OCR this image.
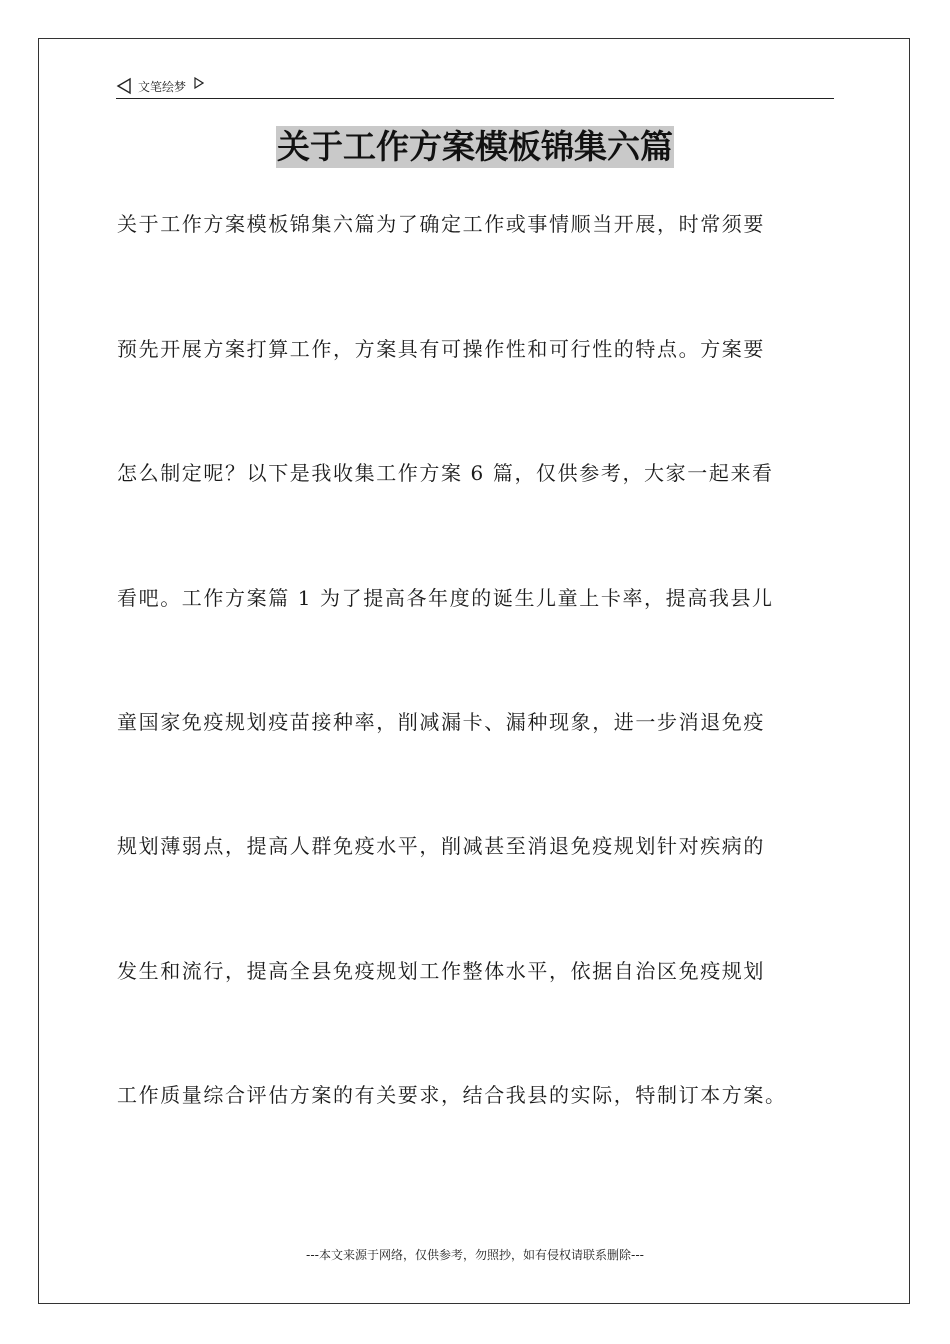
文笔绘梦
关于工作方案模板锦集六篇
关于工作方案模板锦集六篇为了确定工作或事情顺当开展，时常须要
预先开展方案打算工作，方案具有可操作性和可行性的特点。方案要
怎么制定呢？以下是我收集工作方案 6 篇，仅供参考，大家一起来看
看吧。工作方案篇 1 为了提高各年度的诞生儿童上卡率，提高我县儿
童国家免疫规划疫苗接种率，削减漏卡、漏种现象，进一步消退免疫
规划薄弱点，提高人群免疫水平，削减甚至消退免疫规划针对疾病的
发生和流行，提高全县免疫规划工作整体水平，依据自治区免疫规划
工作质量综合评估方案的有关要求，结合我县的实际，特制订本方案。
---本文来源于网络，仅供参考，勿照抄，如有侵权请联系删除---
